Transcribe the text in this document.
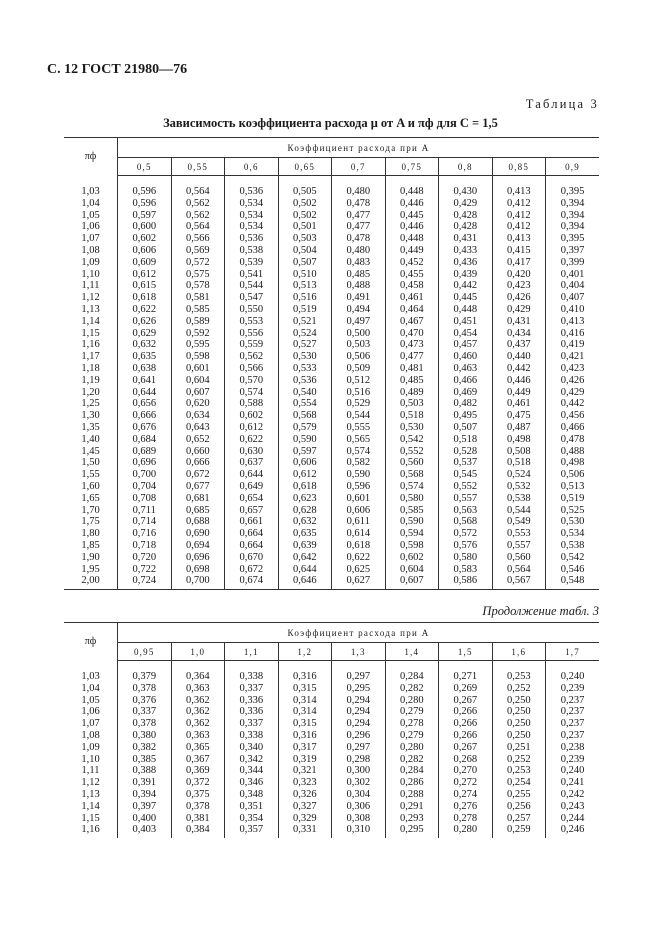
С. 12 ГОСТ 21980—76
Таблица 3
Зависимость коэффициента расхода μ от A и πф для C = 1,5
πф	Коэффициент расхода при A								
	0,5	0,55	0,6	0,65	0,7	0,75	0,8	0,85	0,9

1,03	0,596	0,564	0,536	0,505	0,480	0,448	0,430	0,413	0,395
1,04	0,596	0,562	0,534	0,502	0,478	0,446	0,429	0,412	0,394
1,05	0,597	0,562	0,534	0,502	0,477	0,445	0,428	0,412	0,394
1,06	0,600	0,564	0,534	0,501	0,477	0,446	0,428	0,412	0,394
1,07	0,602	0,566	0,536	0,503	0,478	0,448	0,431	0,413	0,395
1,08	0,606	0,569	0,538	0,504	0,480	0,449	0,433	0,415	0,397
1,09	0,609	0,572	0,539	0,507	0,483	0,452	0,436	0,417	0,399
1,10	0,612	0,575	0,541	0,510	0,485	0,455	0,439	0,420	0,401
1,11	0,615	0,578	0,544	0,513	0,488	0,458	0,442	0,423	0,404
1,12	0,618	0,581	0,547	0,516	0,491	0,461	0,445	0,426	0,407
1,13	0,622	0,585	0,550	0,519	0,494	0,464	0,448	0,429	0,410
1,14	0,626	0,589	0,553	0,521	0,497	0,467	0,451	0,431	0,413
1,15	0,629	0,592	0,556	0,524	0,500	0,470	0,454	0,434	0,416
1,16	0,632	0,595	0,559	0,527	0,503	0,473	0,457	0,437	0,419
1,17	0,635	0,598	0,562	0,530	0,506	0,477	0,460	0,440	0,421
1,18	0,638	0,601	0,566	0,533	0,509	0,481	0,463	0,442	0,423
1,19	0,641	0,604	0,570	0,536	0,512	0,485	0,466	0,446	0,426
1,20	0,644	0,607	0,574	0,540	0,516	0,489	0,469	0,449	0,429
1,25	0,656	0,620	0,588	0,554	0,529	0,503	0,482	0,461	0,442
1,30	0,666	0,634	0,602	0,568	0,544	0,518	0,495	0,475	0,456
1,35	0,676	0,643	0,612	0,579	0,555	0,530	0,507	0,487	0,466
1,40	0,684	0,652	0,622	0,590	0,565	0,542	0,518	0,498	0,478
1,45	0,689	0,660	0,630	0,597	0,574	0,552	0,528	0,508	0,488
1,50	0,696	0,666	0,637	0,606	0,582	0,560	0,537	0,518	0,498
1,55	0,700	0,672	0,644	0,612	0,590	0,568	0,545	0,524	0,506
1,60	0,704	0,677	0,649	0,618	0,596	0,574	0,552	0,532	0,513
1,65	0,708	0,681	0,654	0,623	0,601	0,580	0,557	0,538	0,519
1,70	0,711	0,685	0,657	0,628	0,606	0,585	0,563	0,544	0,525
1,75	0,714	0,688	0,661	0,632	0,611	0,590	0,568	0,549	0,530
1,80	0,716	0,690	0,664	0,635	0,614	0,594	0,572	0,553	0,534
1,85	0,718	0,694	0,664	0,639	0,618	0,598	0,576	0,557	0,538
1,90	0,720	0,696	0,670	0,642	0,622	0,602	0,580	0,560	0,542
1,95	0,722	0,698	0,672	0,644	0,625	0,604	0,583	0,564	0,546
2,00	0,724	0,700	0,674	0,646	0,627	0,607	0,586	0,567	0,548

Продолжение табл. 3
πф	Коэффициент расхода при A								
	0,95	1,0	1,1	1,2	1,3	1,4	1,5	1,6	1,7

1,03	0,379	0,364	0,338	0,316	0,297	0,284	0,271	0,253	0,240
1,04	0,378	0,363	0,337	0,315	0,295	0,282	0,269	0,252	0,239
1,05	0,376	0,362	0,336	0,314	0,294	0,280	0,267	0,250	0,237
1,06	0,337	0,362	0,336	0,314	0,294	0,279	0,266	0,250	0,237
1,07	0,378	0,362	0,337	0,315	0,294	0,278	0,266	0,250	0,237
1,08	0,380	0,363	0,338	0,316	0,296	0,279	0,266	0,250	0,237
1,09	0,382	0,365	0,340	0,317	0,297	0,280	0,267	0,251	0,238
1,10	0,385	0,367	0,342	0,319	0,298	0,282	0,268	0,252	0,239
1,11	0,388	0,369	0,344	0,321	0,300	0,284	0,270	0,253	0,240
1,12	0,391	0,372	0,346	0,323	0,302	0,286	0,272	0,254	0,241
1,13	0,394	0,375	0,348	0,326	0,304	0,288	0,274	0,255	0,242
1,14	0,397	0,378	0,351	0,327	0,306	0,291	0,276	0,256	0,243
1,15	0,400	0,381	0,354	0,329	0,308	0,293	0,278	0,257	0,244
1,16	0,403	0,384	0,357	0,331	0,310	0,295	0,280	0,259	0,246
